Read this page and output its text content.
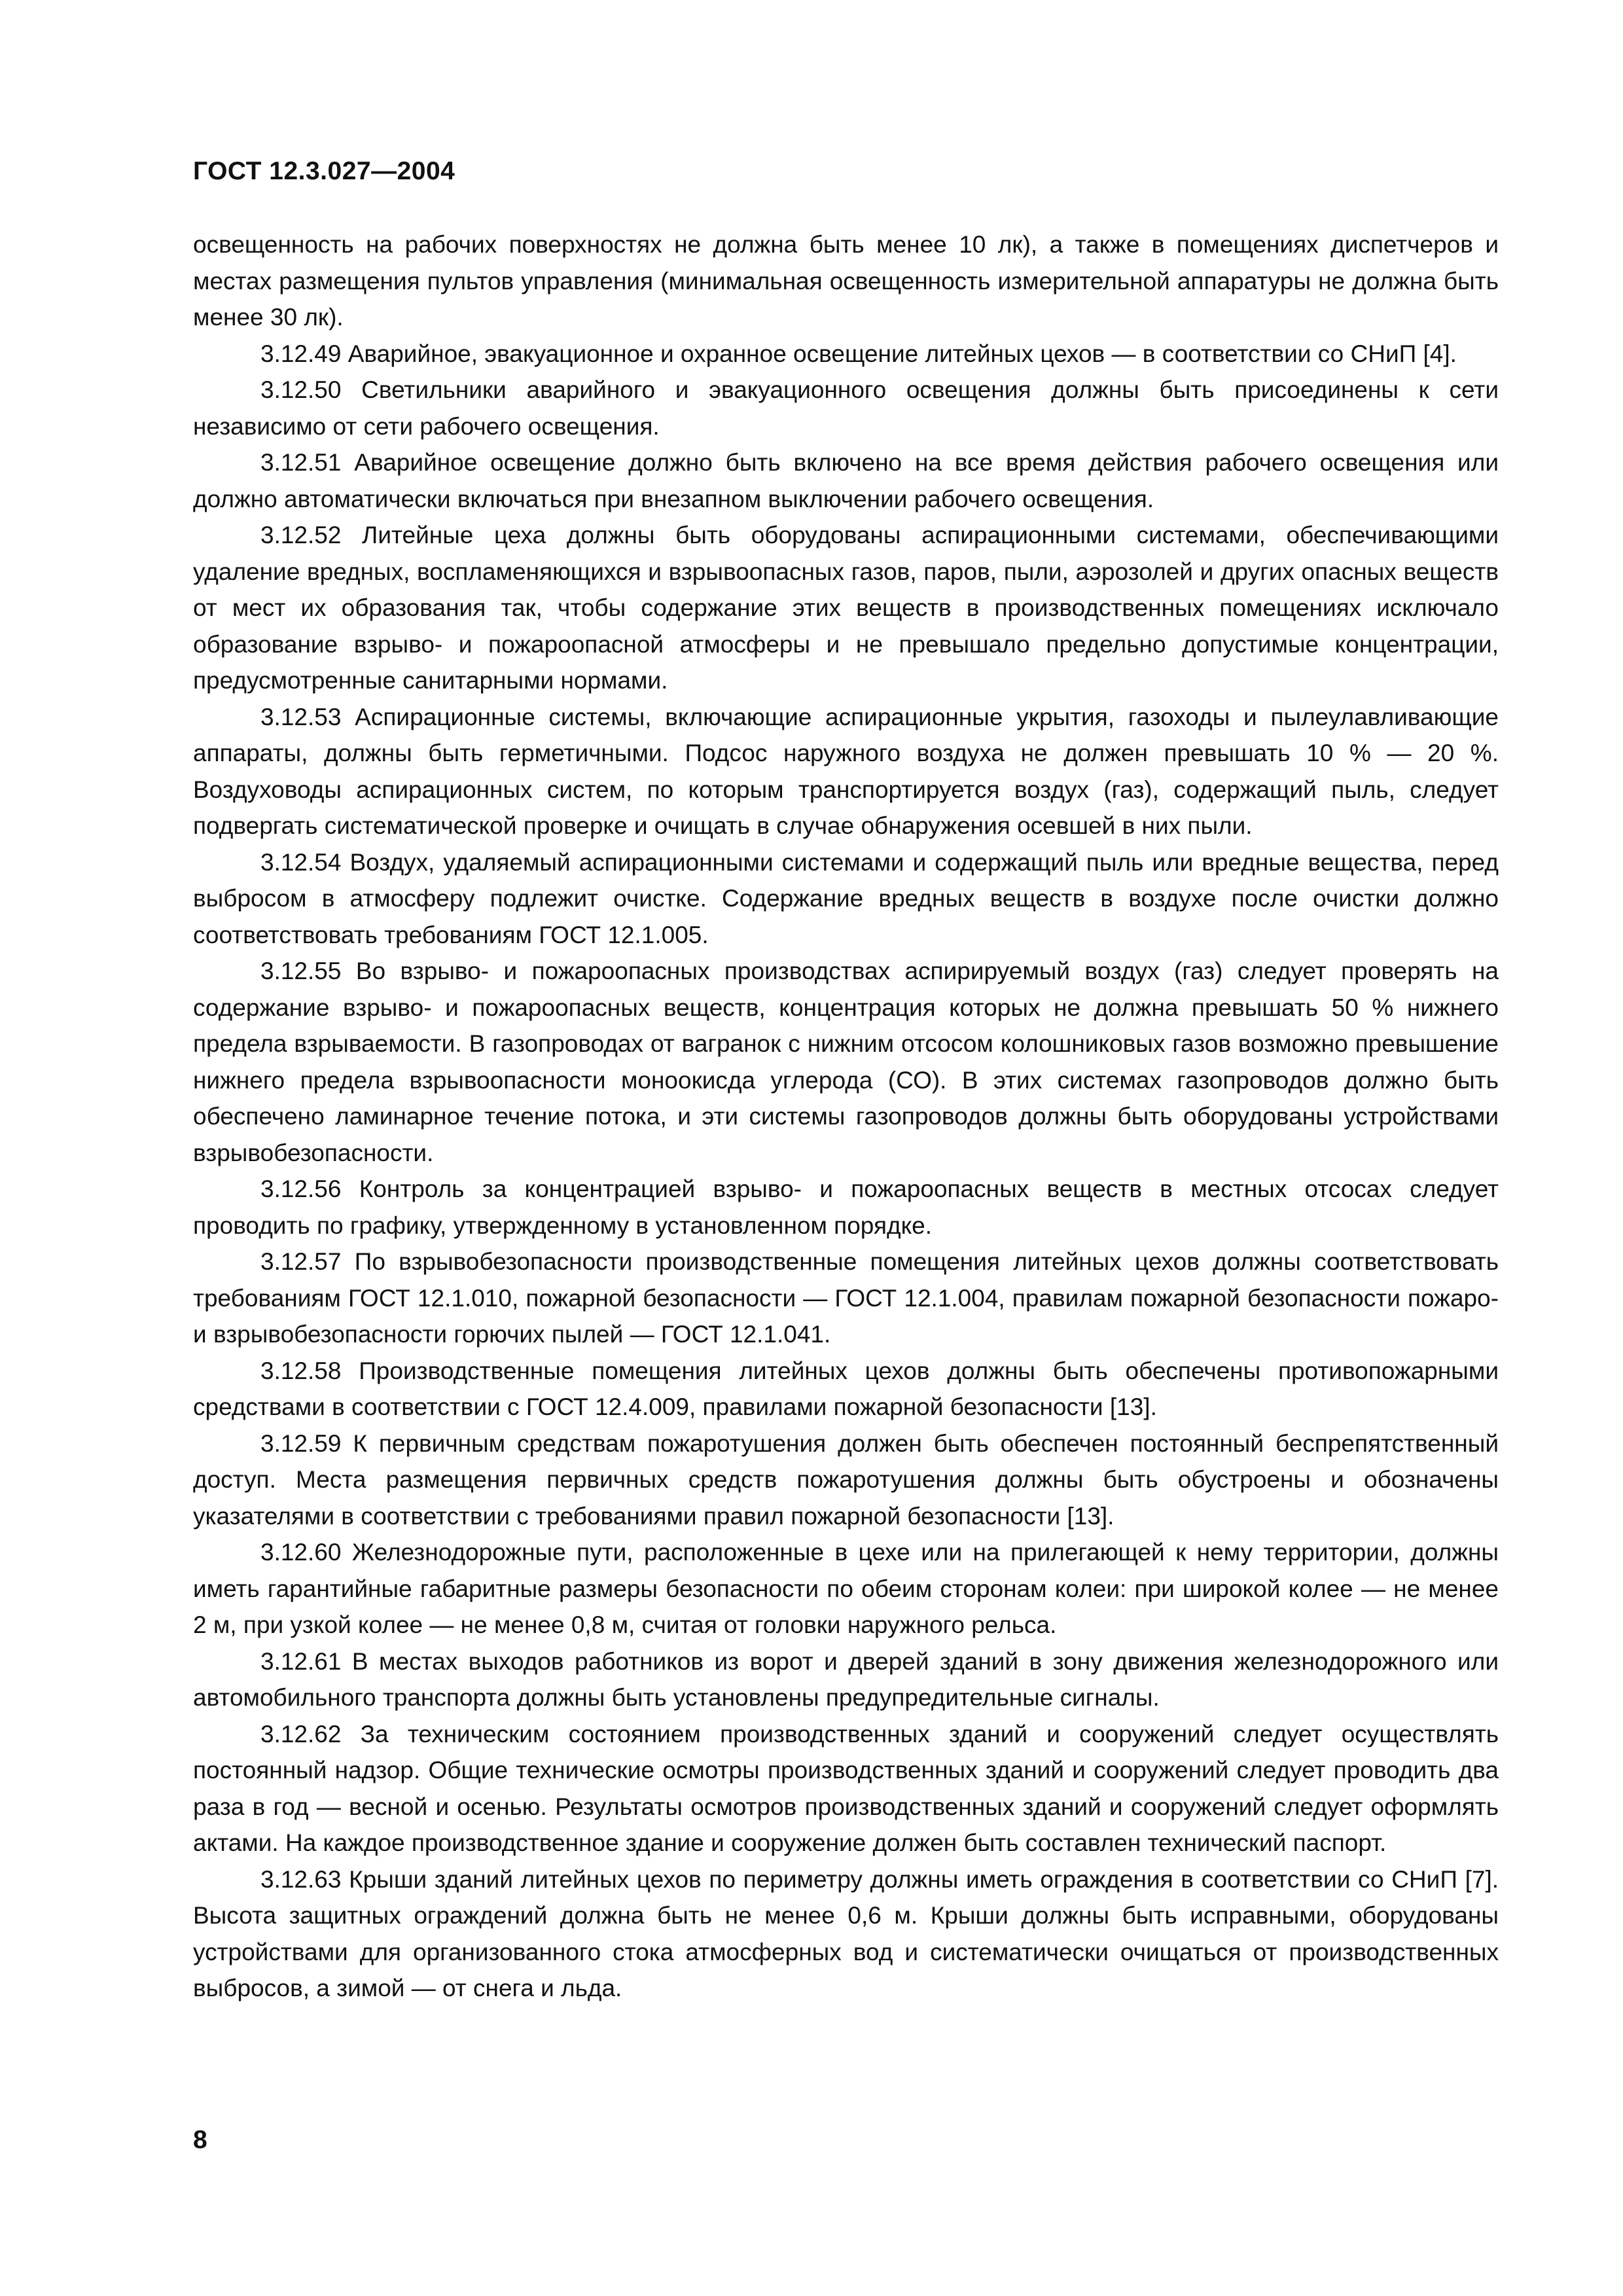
ГОСТ 12.3.027—2004

освещенность на рабочих поверхностях не должна быть менее 10 лк), а также в помещениях диспетчеров и местах размещения пультов управления (минимальная освещенность измерительной аппаратуры не должна быть менее 30 лк).

3.12.49 Аварийное, эвакуационное и охранное освещение литейных цехов — в соответствии со СНиП [4].

3.12.50 Светильники аварийного и эвакуационного освещения должны быть присоединены к сети независимо от сети рабочего освещения.

3.12.51 Аварийное освещение должно быть включено на все время действия рабочего освещения или должно автоматически включаться при внезапном выключении рабочего освещения.

3.12.52 Литейные цеха должны быть оборудованы аспирационными системами, обеспечивающими удаление вредных, воспламеняющихся и взрывоопасных газов, паров, пыли, аэрозолей и других опасных веществ от мест их образования так, чтобы содержание этих веществ в производственных помещениях исключало образование взрыво- и пожароопасной атмосферы и не превышало предельно допустимые концентрации, предусмотренные санитарными нормами.

3.12.53 Аспирационные системы, включающие аспирационные укрытия, газоходы и пылеулавливающие аппараты, должны быть герметичными. Подсос наружного воздуха не должен превышать 10 % — 20 %. Воздуховоды аспирационных систем, по которым транспортируется воздух (газ), содержащий пыль, следует подвергать систематической проверке и очищать в случае обнаружения осевшей в них пыли.

3.12.54 Воздух, удаляемый аспирационными системами и содержащий пыль или вредные вещества, перед выбросом в атмосферу подлежит очистке. Содержание вредных веществ в воздухе после очистки должно соответствовать требованиям ГОСТ 12.1.005.

3.12.55 Во взрыво- и пожароопасных производствах аспирируемый воздух (газ) следует проверять на содержание взрыво- и пожароопасных веществ, концентрация которых не должна превышать 50 % нижнего предела взрываемости. В газопроводах от вагранок с нижним отсосом колошниковых газов возможно превышение нижнего предела взрывоопасности моноокисда углерода (СО). В этих системах газопроводов должно быть обеспечено ламинарное течение потока, и эти системы газопроводов должны быть оборудованы устройствами взрывобезопасности.

3.12.56 Контроль за концентрацией взрыво- и пожароопасных веществ в местных отсосах следует проводить по графику, утвержденному в установленном порядке.

3.12.57 По взрывобезопасности производственные помещения литейных цехов должны соответствовать требованиям ГОСТ 12.1.010, пожарной безопасности — ГОСТ 12.1.004, правилам пожарной безопасности пожаро- и взрывобезопасности горючих пылей — ГОСТ 12.1.041.

3.12.58 Производственные помещения литейных цехов должны быть обеспечены противопожарными средствами в соответствии с ГОСТ 12.4.009, правилами пожарной безопасности [13].

3.12.59 К первичным средствам пожаротушения должен быть обеспечен постоянный беспрепятственный доступ. Места размещения первичных средств пожаротушения должны быть обустроены и обозначены указателями в соответствии с требованиями правил пожарной безопасности [13].

3.12.60 Железнодорожные пути, расположенные в цехе или на прилегающей к нему территории, должны иметь гарантийные габаритные размеры безопасности по обеим сторонам колеи: при широкой колее — не менее 2 м, при узкой колее — не менее 0,8 м, считая от головки наружного рельса.

3.12.61 В местах выходов работников из ворот и дверей зданий в зону движения железнодорожного или автомобильного транспорта должны быть установлены предупредительные сигналы.

3.12.62 За техническим состоянием производственных зданий и сооружений следует осуществлять постоянный надзор. Общие технические осмотры производственных зданий и сооружений следует проводить два раза в год — весной и осенью. Результаты осмотров производственных зданий и сооружений следует оформлять актами. На каждое производственное здание и сооружение должен быть составлен технический паспорт.

3.12.63 Крыши зданий литейных цехов по периметру должны иметь ограждения в соответствии со СНиП [7]. Высота защитных ограждений должна быть не менее 0,6 м. Крыши должны быть исправными, оборудованы устройствами для организованного стока атмосферных вод и систематически очищаться от производственных выбросов, а зимой — от снега и льда.

8
